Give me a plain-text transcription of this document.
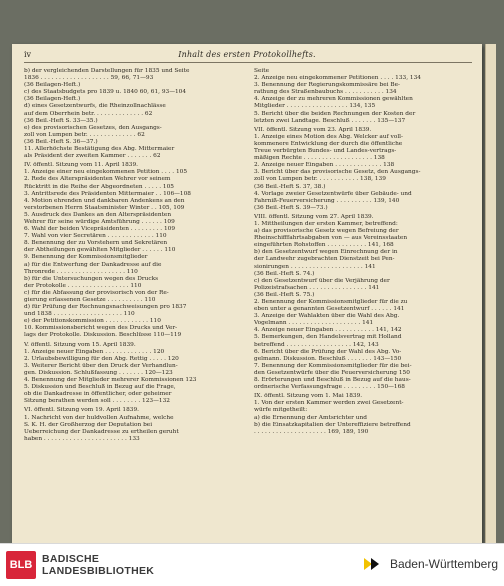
iv	Inhalt des ersten Protokollhefts.
b) der vergleichenden Darstellungen für 1835 und Seite
1836 . . . . . . . . . . . . . . . . . . . 59, 66, 71—93
(36 Beilagen-Heft.)
c) des Staatsbudgets pro 1839 u. 1840 60, 61, 93—104
(36 Beilagen-Heft.)
d) eines Gesetzentwurfs, die Rheinzollnachlässe
auf dem Oberrhein betr. . . . . . . . . . . . . . 62
(36 Beil.-Heft S. 33—35.)
e) des provisorischen Gesetzes, den Ausgangs-
zoll von Lumpen betr. . . . . . . . . . . . . . 62
(36 Beil.-Heft S. 36—37.)
11. Allerhöchste Bestätigung des Abg. Mittermaier
als Präsident der zweiten Kammer . . . . . . . 62
IV. öffentl. Sitzung vom 11. April 1839.
1. Anzeige einer neu eingekommenen Petition . . . . 105
2. Rede des Alterspräsidenten Wehrer vor seinem
Rücktritt in die Reihe der Abgeordneten . . . . . 105
3. Antrittsrede des Präsidenten Mittermaier . . 106—108
4. Motion ehrenden und dankbaren Andenkens an den
verstorbenen Herrn Staatsminister Winter . . 105, 109
5. Ausdruck des Dankes an den Alterspräsidenten
Wehrer für seine würdige Amtsführung . . . . . . 109
6. Wahl der beiden Vicepräsidenten . . . . . . . . . 109
7. Wahl von vier Secretären . . . . . . . . . . . . . 110
8. Benennung der zu Vorstehern und Sekretären
der Abtheilungen gewählten Mitglieder . . . . . . 110
9. Benennung der Kommissionsmitglieder
a) für die Entwerfung der Dankadresse auf die
Thronrede . . . . . . . . . . . . . . . . . . . 110
b) für die Untersuchungen wegen des Drucks
der Protokolle . . . . . . . . . . . . . . . . . 110
c) für die Abfassung der provisorisch von der Re-
gierung erlassenen Gesetze . . . . . . . . . . 110
d) für Prüfung der Rechnungsnachweisungen pro 1837
und 1838 . . . . . . . . . . . . . . . . . . . 110
e) der Petitionskommission . . . . . . . . . . . . 110
10. Kommissionsbericht wegen des Drucks und Ver-
lags der Protokolle. Diskussion. Beschlüsse 110—119
V. öffentl. Sitzung vom 15. April 1839.
1. Anzeige neuer Eingaben . . . . . . . . . . . . . 120
2. Urlaubsbewilligung für den Abg. Rettig . . . . . 120
3. Weiterer Bericht über den Druck der Verhandlun-
gen. Diskussion. Schlußfassung . . . . . . . 120—123
4. Benennung der Mitglieder mehrerer Kommissionen 123
5. Diskussion und Beschluß in Bezug auf die Frage,
ob die Dankadresse in öffentlicher, oder geheimer
Sitzung berathen werden soll . . . . . . . . 123—132
VI. öffentl. Sitzung vom 19. April 1839.
1. Nachricht von der huldvollen Aufnahme, welche
S. K. H. der Großherzog der Deputation bei
Ueberreichung der Dankadresse zu ertheilen geruht
haben . . . . . . . . . . . . . . . . . . . . . . . 133
Seite
2. Anzeige neu eingekommener Petitionen . . . . 133, 134
3. Benennung der Regierungskommissäre bei Be-
rathung des Straßenbaubuchs . . . . . . . . . . . 134
4. Anzeige der zu mehreren Kommissionen gewählten
Mitglieder . . . . . . . . . . . . . . . . . 134, 135
5. Bericht über die beiden Rechnungen der Kosten der
letzten zwei Landtage. Beschluß . . . . . . . 135—137
VII. öffentl. Sitzung vom 23. April 1839.
1. Anzeige eines Motion des Abg. Welcker auf voll-
kommenere Entwicklung der durch die öffentliche
Treue verbürgten Bundes- und Landes-vertrags-
mäßigen Rechte . . . . . . . . . . . . . . . . . . . 138
2. Anzeige neuer Eingaben . . . . . . . . . . . . . 138
3. Bericht über das provisorische Gesetz, den Ausgangs-
zoll von Lumpen betr. . . . . . . . . . . . 138, 139
(36 Beil.-Heft S. 37, 38.)
4. Vorlage zweier Gesetzentwürfe über Gebäude- und
Fahrniß-Feuerversicherung . . . . . . . . . . 139, 140
(36 Beil.-Heft S. 39—73.)
VIII. öffentl. Sitzung vom 27. April 1839.
1. Mittheilungen der ersten Kammer, betreffend:
a) das provisorische Gesetz wegen Befreiung der
Rheinschifffahrtsabgaben von — aus Vereinsstaaten
eingeführten Rohstoffen . . . . . . . . . . . 141, 168
b) den Gesetzentwurf wegen Einrechnung der in
der Landwehr zugebrachten Dienstzeit bei Pen-
sionirungen . . . . . . . . . . . . . . . . . . . . 141
(36 Beil.-Heft S. 74.)
c) den Gesetzentwurf über die Verjährung der
Polizeistrafsachen . . . . . . . . . . . . . . . . 141
(36 Beil.-Heft S. 75.)
2. Benennung der Kommissionsmitglieder für die zu
eben unter a genannten Gesetzentwurf . . . . . . 141
3. Anzeige der Wahlakten über die Wahl des Abg.
Vogelmann . . . . . . . . . . . . . . . . . . . . 141
4. Anzeige neuer Eingaben . . . . . . . . . . . 141, 142
5. Bemerkungen, den Handelsvertrag mit Holland
betreffend . . . . . . . . . . . . . . . . . . 142, 143
6. Bericht über die Prüfung der Wahl des Abg. Vo-
gelmann. Diskussion. Beschluß . . . . . . . 143—150
7. Benennung der Kommissionsmitglieder für die bei-
den Gesetzentwürfe über die Feuerversicherung 150
8. Erörterungen und Beschluß in Bezug auf die haus-
ordnerische Verfassungsfrage . . . . . . . . . 150—168
IX. öffentl. Sitzung vom 1. Mai 1839.
1. Von der ersten Kammer werden zwei Gesetzent-
würfe mitgetheilt:
a) die Ernennung der Amtsrichter und
b) die Einsatzkapitalien der Untereffiziere betreffend
. . . . . . . . . . . . . . . . . . . . 169, 189, 190
BLB BADISCHE
LANDESBIBLIOTHEK	Baden-Württemberg
